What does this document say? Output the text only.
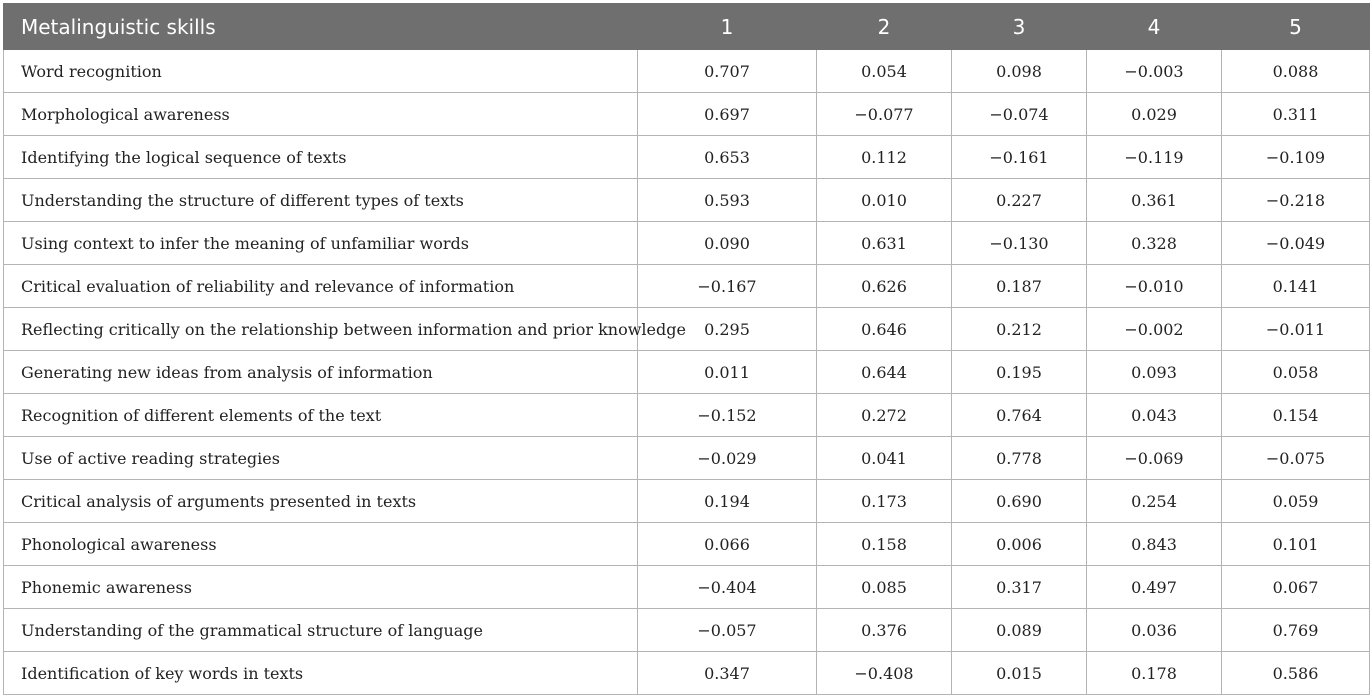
Metalinguistic skills	1	2	3	4	5
Word recognition	0.707	0.054	0.098	−0.003	0.088
Morphological awareness	0.697	−0.077	−0.074	0.029	0.311
Identifying the logical sequence of texts	0.653	0.112	−0.161	−0.119	−0.109
Understanding the structure of different types of texts	0.593	0.010	0.227	0.361	−0.218
Using context to infer the meaning of unfamiliar words	0.090	0.631	−0.130	0.328	−0.049
Critical evaluation of reliability and relevance of information	−0.167	0.626	0.187	−0.010	0.141
Reflecting critically on the relationship between information and prior knowledge	0.295	0.646	0.212	−0.002	−0.011
Generating new ideas from analysis of information	0.011	0.644	0.195	0.093	0.058
Recognition of different elements of the text	−0.152	0.272	0.764	0.043	0.154
Use of active reading strategies	−0.029	0.041	0.778	−0.069	−0.075
Critical analysis of arguments presented in texts	0.194	0.173	0.690	0.254	0.059
Phonological awareness	0.066	0.158	0.006	0.843	0.101
Phonemic awareness	−0.404	0.085	0.317	0.497	0.067
Understanding of the grammatical structure of language	−0.057	0.376	0.089	0.036	0.769
Identification of key words in texts	0.347	−0.408	0.015	0.178	0.586
